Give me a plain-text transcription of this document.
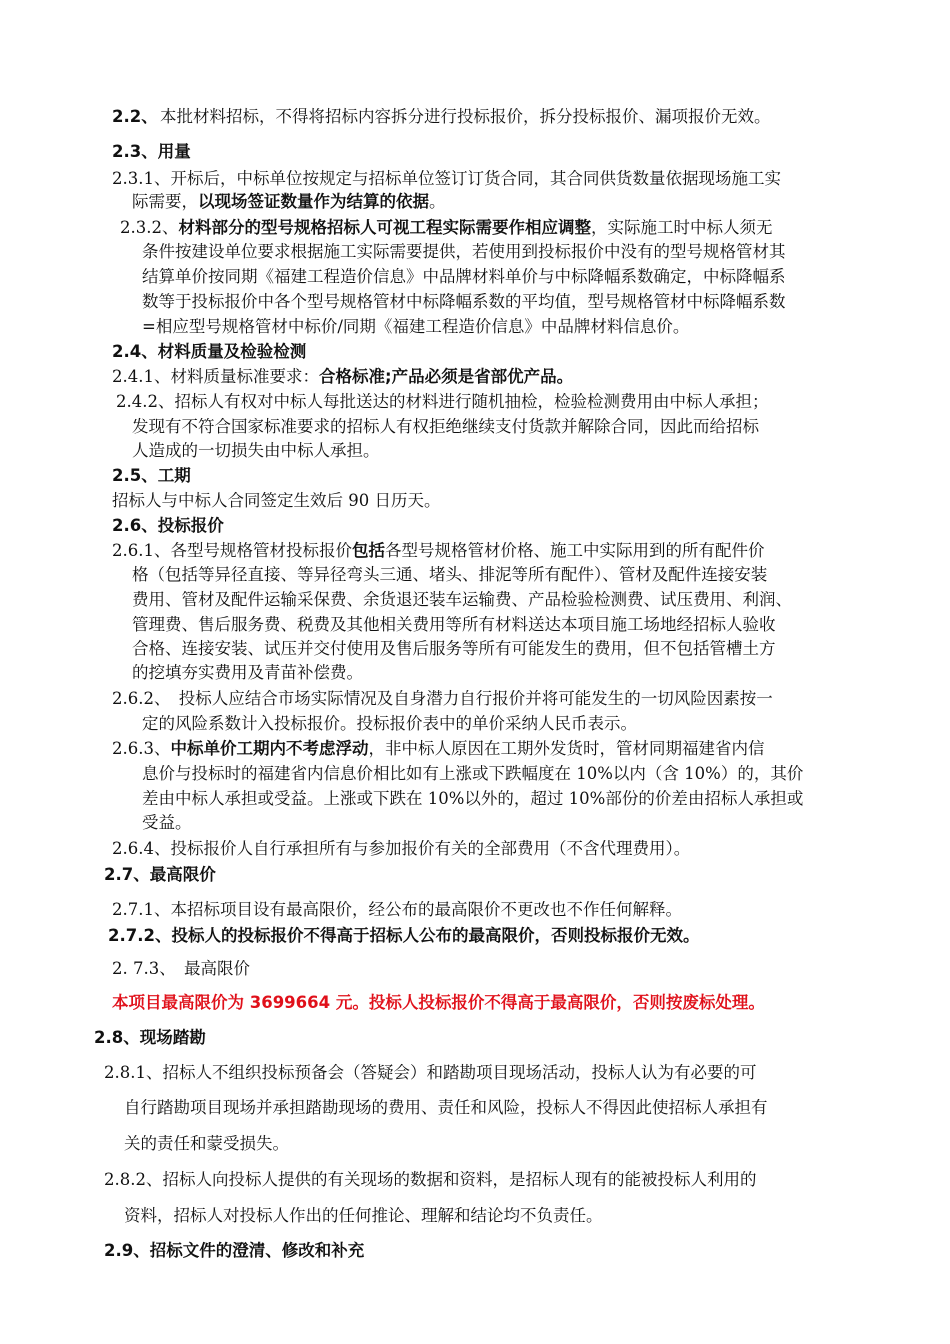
2.2、 本批材料招标，不得将招标内容拆分进行投标报价，拆分投标报价、漏项报价无效。
2.3、用量
2.3.1、开标后，中标单位按规定与招标单位签订订货合同，其合同供货数量依据现场施工实
际需要，以现场签证数量作为结算的依据。
2.3.2、材料部分的型号规格招标人可视工程实际需要作相应调整，实际施工时中标人须无
条件按建设单位要求根据施工实际需要提供，若使用到投标报价中没有的型号规格管材其
结算单价按同期《福建工程造价信息》中品牌材料单价与中标降幅系数确定，中标降幅系
数等于投标报价中各个型号规格管材中标降幅系数的平均值，型号规格管材中标降幅系数
=相应型号规格管材中标价/同期《福建工程造价信息》中品牌材料信息价。
2.4、材料质量及检验检测
2.4.1、材料质量标准要求：合格标准;产品必须是省部优产品。
2.4.2、招标人有权对中标人每批送达的材料进行随机抽检，检验检测费用由中标人承担；
发现有不符合国家标准要求的招标人有权拒绝继续支付货款并解除合同，因此而给招标
人造成的一切损失由中标人承担。
2.5、工期
招标人与中标人合同签定生效后 90 日历天。
2.6、投标报价
2.6.1、各型号规格管材投标报价包括各型号规格管材价格、施工中实际用到的所有配件价
格（包括等异径直接、等异径弯头三通、堵头、排泥等所有配件）、管材及配件连接安装
费用、管材及配件运输采保费、余货退还装车运输费、产品检验检测费、试压费用、利润、
管理费、售后服务费、税费及其他相关费用等所有材料送达本项目施工场地经招标人验收
合格、连接安装、试压并交付使用及售后服务等所有可能发生的费用，但不包括管槽土方
的挖填夯实费用及青苗补偿费。
2.6.2、　投标人应结合市场实际情况及自身潜力自行报价并将可能发生的一切风险因素按一
定的风险系数计入投标报价。投标报价表中的单价采纳人民币表示。
2.6.3、中标单价工期内不考虑浮动，非中标人原因在工期外发货时，管材同期福建省内信
息价与投标时的福建省内信息价相比如有上涨或下跌幅度在 10%以内（含 10%）的，其价
差由中标人承担或受益。上涨或下跌在 10%以外的，超过 10%部份的价差由招标人承担或
受益。
2.6.4、投标报价人自行承担所有与参加报价有关的全部费用（不含代理费用）。
2.7、最高限价
2.7.1、本招标项目设有最高限价，经公布的最高限价不更改也不作任何解释。
2.7.2、投标人的投标报价不得高于招标人公布的最高限价，否则投标报价无效。
2. 7.3、　最高限价
本项目最高限价为 3699664 元。投标人投标报价不得高于最高限价，否则按废标处理。
2.8、现场踏勘
2.8.1、招标人不组织投标预备会（答疑会）和踏勘项目现场活动，投标人认为有必要的可
自行踏勘项目现场并承担踏勘现场的费用、责任和风险，投标人不得因此使招标人承担有
关的责任和蒙受损失。
2.8.2、招标人向投标人提供的有关现场的数据和资料，是招标人现有的能被投标人利用的
资料，招标人对投标人作出的任何推论、理解和结论均不负责任。
2.9、招标文件的澄清、修改和补充
